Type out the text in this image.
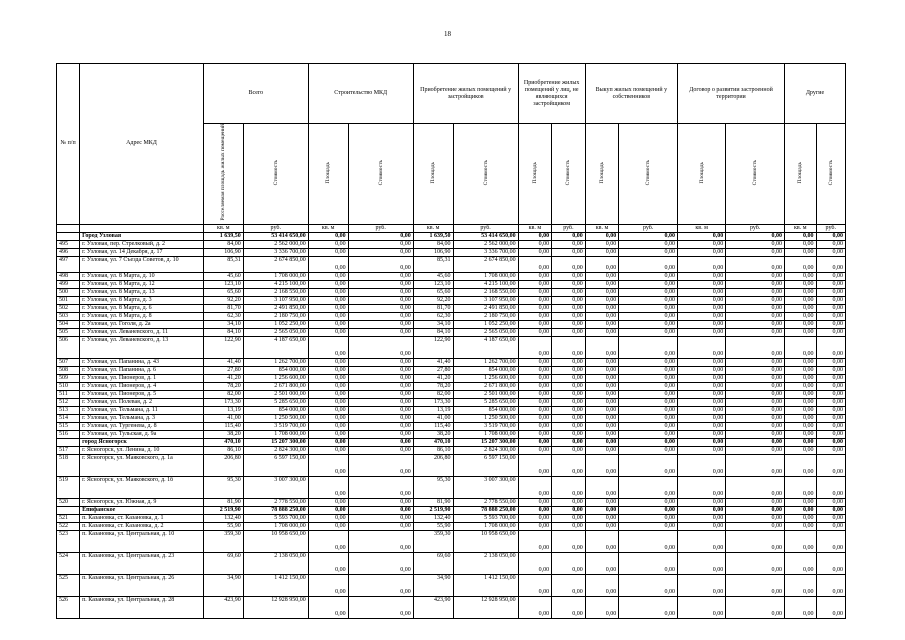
18
№ п/п	Адрес МКД	Всего		Строительство МКД		Приобретение жилых помещений у застройщиков		Приобретение жилых помещений у лиц, не являющихся застройщиком		Выкуп жилых помещений у собственников		Договор о развитии застроенной территории		Другие	
		Расселяемая площадь жилых помещений	Стоимость	Площадь	Стоимость	Площадь	Стоимость	Площадь	Стоимость	Площадь	Стоимость	Площадь	Стоимость	Площадь	Стоимость
		кв. м	руб.	кв. м	руб.	кв. м	руб.	кв. м	руб.	кв. м	руб.	кв. м	руб.	кв. м	руб.
	Город Узловая	1 639,50	53 414 650,00	0,00	0,00	1 639,50	53 414 650,00	0,00	0,00	0,00	0,00	0,00	0,00	0,00	0,00
495	г. Узловая, пер. Стрелковый, д. 2	84,00	2 562 000,00	0,00	0,00	84,00	2 562 000,00	0,00	0,00	0,00	0,00	0,00	0,00	0,00	0,00
496	г. Узловая, ул. 14 Декабря, д. 17	106,90	3 336 700,00	0,00	0,00	106,90	3 336 700,00	0,00	0,00	0,00	0,00	0,00	0,00	0,00	0,00
497	г. Узловая, ул. 7 Съезда Советов, д. 10	85,31	2 674 850,00	0,00	0,00	85,31	2 674 850,00	0,00	0,00	0,00	0,00	0,00	0,00	0,00	0,00
498	г. Узловая, ул. 8 Марта, д. 10	45,60	1 708 000,00	0,00	0,00	45,60	1 708 000,00	0,00	0,00	0,00	0,00	0,00	0,00	0,00	0,00
499	г. Узловая, ул. 8 Марта, д. 12	123,10	4 215 100,00	0,00	0,00	123,10	4 215 100,00	0,00	0,00	0,00	0,00	0,00	0,00	0,00	0,00
500	г. Узловая, ул. 8 Марта, д. 13	65,60	2 168 550,00	0,00	0,00	65,60	2 168 550,00	0,00	0,00	0,00	0,00	0,00	0,00	0,00	0,00
501	г. Узловая, ул. 8 Марта, д. 3	92,20	3 107 950,00	0,00	0,00	92,20	3 107 950,00	0,00	0,00	0,00	0,00	0,00	0,00	0,00	0,00
502	г. Узловая, ул. 8 Марта, д. 6	81,70	2 491 850,00	0,00	0,00	81,70	2 491 850,00	0,00	0,00	0,00	0,00	0,00	0,00	0,00	0,00
503	г. Узловая, ул. 8 Марта, д. 8	62,30	2 180 750,00	0,00	0,00	62,30	2 180 750,00	0,00	0,00	0,00	0,00	0,00	0,00	0,00	0,00
504	г. Узловая, ул. Гоголя, д. 2а	34,10	1 052 250,00	0,00	0,00	34,10	1 052 250,00	0,00	0,00	0,00	0,00	0,00	0,00	0,00	0,00
505	г. Узловая, ул. Леваневского, д. 11	84,10	2 565 050,00	0,00	0,00	84,10	2 565 050,00	0,00	0,00	0,00	0,00	0,00	0,00	0,00	0,00
506	г. Узловая, ул. Леваневского, д. 13	122,90	4 187 650,00	0,00	0,00	122,90	4 187 650,00	0,00	0,00	0,00	0,00	0,00	0,00	0,00	0,00
507	г. Узловая, ул. Папанина, д. 43	41,40	1 262 700,00	0,00	0,00	41,40	1 262 700,00	0,00	0,00	0,00	0,00	0,00	0,00	0,00	0,00
508	г. Узловая, ул. Папанина, д. 6	27,80	854 000,00	0,00	0,00	27,80	854 000,00	0,00	0,00	0,00	0,00	0,00	0,00	0,00	0,00
509	г. Узловая, ул. Пионеров, д. 1	41,20	1 256 600,00	0,00	0,00	41,20	1 256 600,00	0,00	0,00	0,00	0,00	0,00	0,00	0,00	0,00
510	г. Узловая, ул. Пионеров, д. 4	78,20	2 671 800,00	0,00	0,00	78,20	2 671 800,00	0,00	0,00	0,00	0,00	0,00	0,00	0,00	0,00
511	г. Узловая, ул. Пионеров, д. 5	82,00	2 501 000,00	0,00	0,00	82,00	2 501 000,00	0,00	0,00	0,00	0,00	0,00	0,00	0,00	0,00
512	г. Узловая, ул. Полевая, д. 2	173,30	5 285 650,00	0,00	0,00	173,30	5 285 650,00	0,00	0,00	0,00	0,00	0,00	0,00	0,00	0,00
513	г. Узловая, ул. Тельмана, д. 11	13,19	854 000,00	0,00	0,00	13,19	854 000,00	0,00	0,00	0,00	0,00	0,00	0,00	0,00	0,00
514	г. Узловая, ул. Тельмана, д. 3	41,00	1 250 500,00	0,00	0,00	41,00	1 250 500,00	0,00	0,00	0,00	0,00	0,00	0,00	0,00	0,00
515	г. Узловая, ул. Тургенева, д. 8	115,40	3 519 700,00	0,00	0,00	115,40	3 519 700,00	0,00	0,00	0,00	0,00	0,00	0,00	0,00	0,00
516	г. Узловая, ул. Тульская, д. 9а	38,20	1 708 000,00	0,00	0,00	38,20	1 708 000,00	0,00	0,00	0,00	0,00	0,00	0,00	0,00	0,00
	город Ясногорск	470,10	15 207 300,00	0,00	0,00	470,10	15 207 300,00	0,00	0,00	0,00	0,00	0,00	0,00	0,00	0,00
517	г. Ясногорск, ул. Ленина, д. 10	86,10	2 824 300,00	0,00	0,00	86,10	2 824 300,00	0,00	0,00	0,00	0,00	0,00	0,00	0,00	0,00
518	г. Ясногорск, ул. Маяковского, д. 1а	206,80	6 597 150,00	0,00	0,00	206,80	6 597 150,00	0,00	0,00	0,00	0,00	0,00	0,00	0,00	0,00
519	г. Ясногорск, ул. Маяковского, д. 1б	95,30	3 007 300,00	0,00	0,00	95,30	3 007 300,00	0,00	0,00	0,00	0,00	0,00	0,00	0,00	0,00
520	г. Ясногорск, ул. Южная, д. 9	81,90	2 778 550,00	0,00	0,00	81,90	2 778 550,00	0,00	0,00	0,00	0,00	0,00	0,00	0,00	0,00
	Епифанское	2 519,90	78 888 250,00	0,00	0,00	2 519,90	78 888 250,00	0,00	0,00	0,00	0,00	0,00	0,00	0,00	0,00
521	п. Казановка, ст. Казановка, д. 1	132,40	5 593 700,00	0,00	0,00	132,40	5 593 700,00	0,00	0,00	0,00	0,00	0,00	0,00	0,00	0,00
522	п. Казановка, ст. Казановка, д. 2	55,90	1 708 000,00	0,00	0,00	55,90	1 708 000,00	0,00	0,00	0,00	0,00	0,00	0,00	0,00	0,00
523	п. Казановка, ул. Центральная, д. 10	359,30	10 958 650,00	0,00	0,00	359,30	10 958 650,00	0,00	0,00	0,00	0,00	0,00	0,00	0,00	0,00
524	п. Казановка, ул. Центральная, д. 23	69,60	2 138 050,00	0,00	0,00	69,60	2 138 050,00	0,00	0,00	0,00	0,00	0,00	0,00	0,00	0,00
525	п. Казановка, ул. Центральная, д. 26	34,90	1 412 150,00	0,00	0,00	34,90	1 412 150,00	0,00	0,00	0,00	0,00	0,00	0,00	0,00	0,00
526	п. Казановка, ул. Центральная, д. 28	423,90	12 928 950,00	0,00	0,00	423,90	12 928 950,00	0,00	0,00	0,00	0,00	0,00	0,00	0,00	0,00
